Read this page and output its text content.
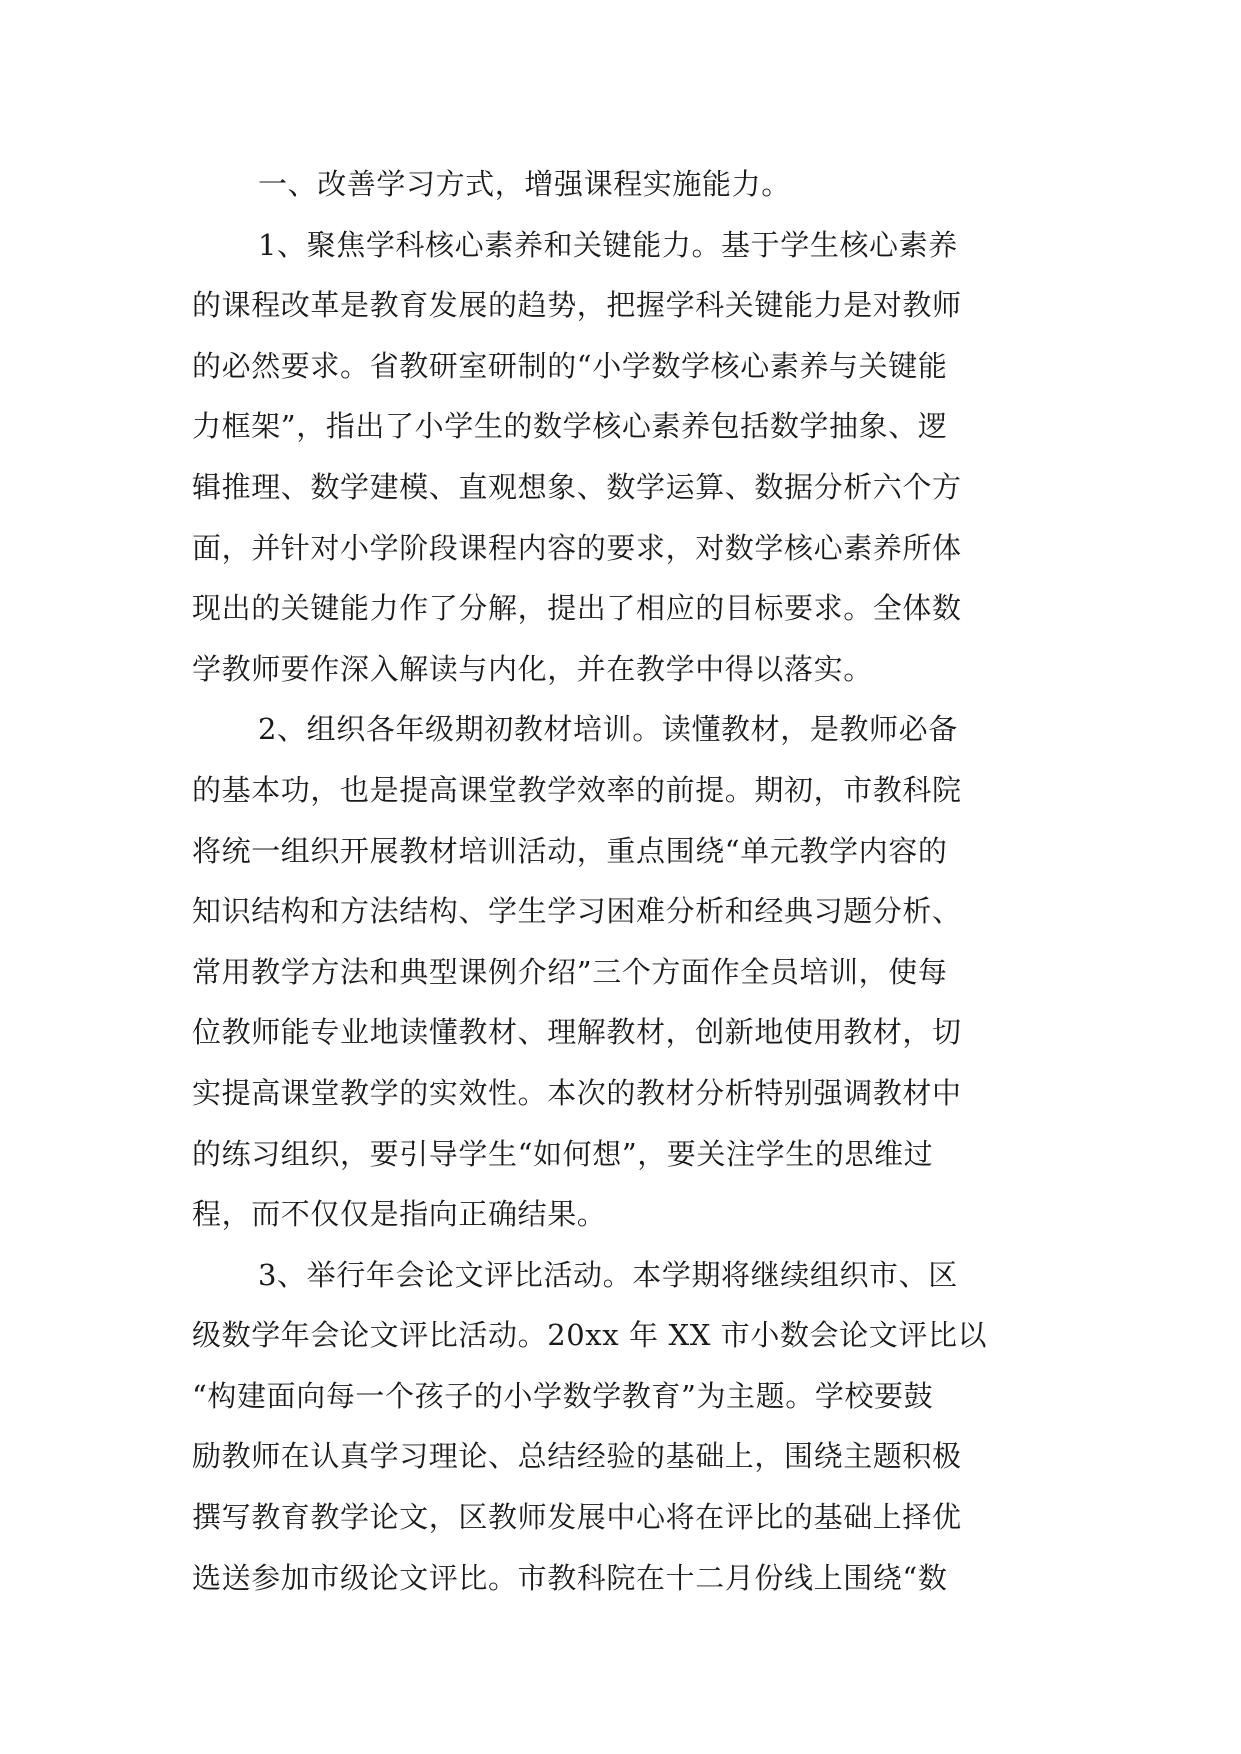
一、改善学习方式，增强课程实施能力。
1、聚焦学科核心素养和关键能力。基于学生核心素养
的课程改革是教育发展的趋势，把握学科关键能力是对教师
的必然要求。省教研室研制的“小学数学核心素养与关键能
力框架”，指出了小学生的数学核心素养包括数学抽象、逻
辑推理、数学建模、直观想象、数学运算、数据分析六个方
面，并针对小学阶段课程内容的要求，对数学核心素养所体
现出的关键能力作了分解，提出了相应的目标要求。全体数
学教师要作深入解读与内化，并在教学中得以落实。
2、组织各年级期初教材培训。读懂教材，是教师必备
的基本功，也是提高课堂教学效率的前提。期初，市教科院
将统一组织开展教材培训活动，重点围绕“单元教学内容的
知识结构和方法结构、学生学习困难分析和经典习题分析、
常用教学方法和典型课例介绍”三个方面作全员培训，使每
位教师能专业地读懂教材、理解教材，创新地使用教材，切
实提高课堂教学的实效性。本次的教材分析特别强调教材中
的练习组织，要引导学生“如何想”，要关注学生的思维过
程，而不仅仅是指向正确结果。
3、举行年会论文评比活动。本学期将继续组织市、区
级数学年会论文评比活动。20xx 年 XX 市小数会论文评比以
“构建面向每一个孩子的小学数学教育”为主题。学校要鼓
励教师在认真学习理论、总结经验的基础上，围绕主题积极
撰写教育教学论文，区教师发展中心将在评比的基础上择优
选送参加市级论文评比。市教科院在十二月份线上围绕“数
